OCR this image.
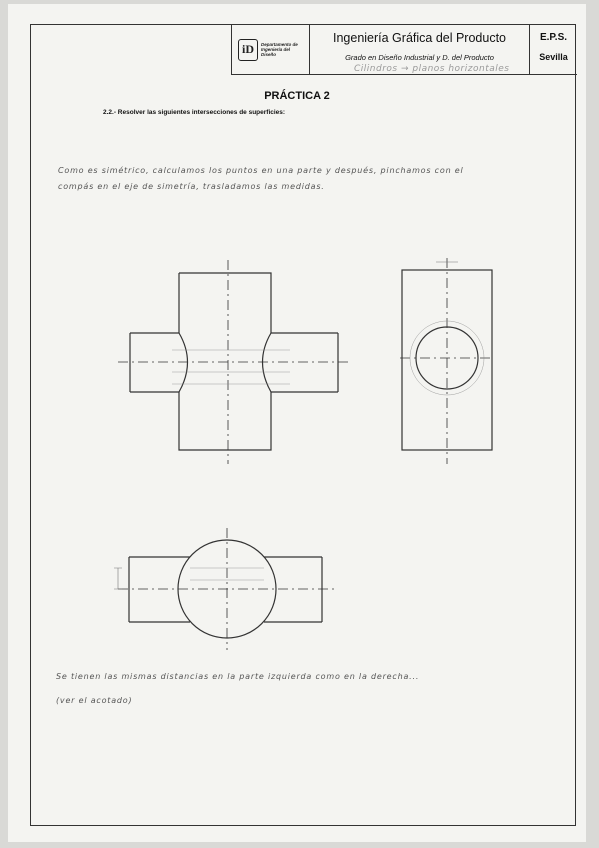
iD	Departamento de Ingeniería del Diseño
Ingeniería Gráfica del Producto
Grado en Diseño Industrial y D. del Producto
E.P.S.
Sevilla
Cilindros → planos horizontales
PRÁCTICA 2
2.2.- Resolver las siguientes intersecciones de superficies:
Como es simétrico, calculamos los puntos en una parte y después, pinchamos con el
compás en el eje de simetría, trasladamos las medidas.
Se tienen las mismas distancias en la parte izquierda como en la derecha...
(ver el acotado)
